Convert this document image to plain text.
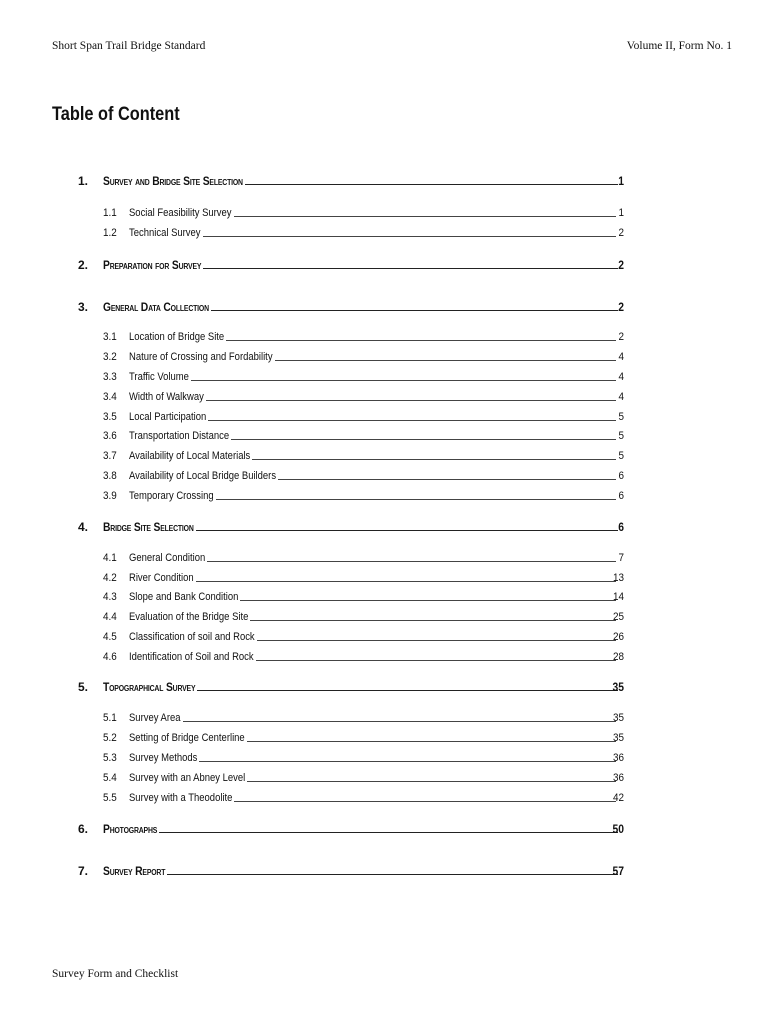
Short Span Trail Bridge Standard	Volume II, Form No. 1
Table of Content
1. Survey and Bridge Site Selection	1
1.1 Social Feasibility Survey	1
1.2 Technical Survey	2
2. Preparation for Survey	2
3. General Data Collection	2
3.1 Location of Bridge Site	2
3.2 Nature of Crossing and Fordability	4
3.3 Traffic Volume	4
3.4 Width of Walkway	4
3.5 Local Participation	5
3.6 Transportation Distance	5
3.7 Availability of Local Materials	5
3.8 Availability of Local Bridge Builders	6
3.9 Temporary Crossing	6
4. Bridge Site Selection	6
4.1 General Condition	7
4.2 River Condition	13
4.3 Slope and Bank Condition	14
4.4 Evaluation of the Bridge Site	25
4.5 Classification of soil and Rock	26
4.6 Identification of Soil and Rock	28
5. Topographical Survey	35
5.1 Survey Area	35
5.2 Setting of Bridge Centerline	35
5.3 Survey Methods	36
5.4 Survey with an Abney Level	36
5.5 Survey with a Theodolite	42
6. Photographs	50
7. Survey Report	57
Survey Form and Checklist
